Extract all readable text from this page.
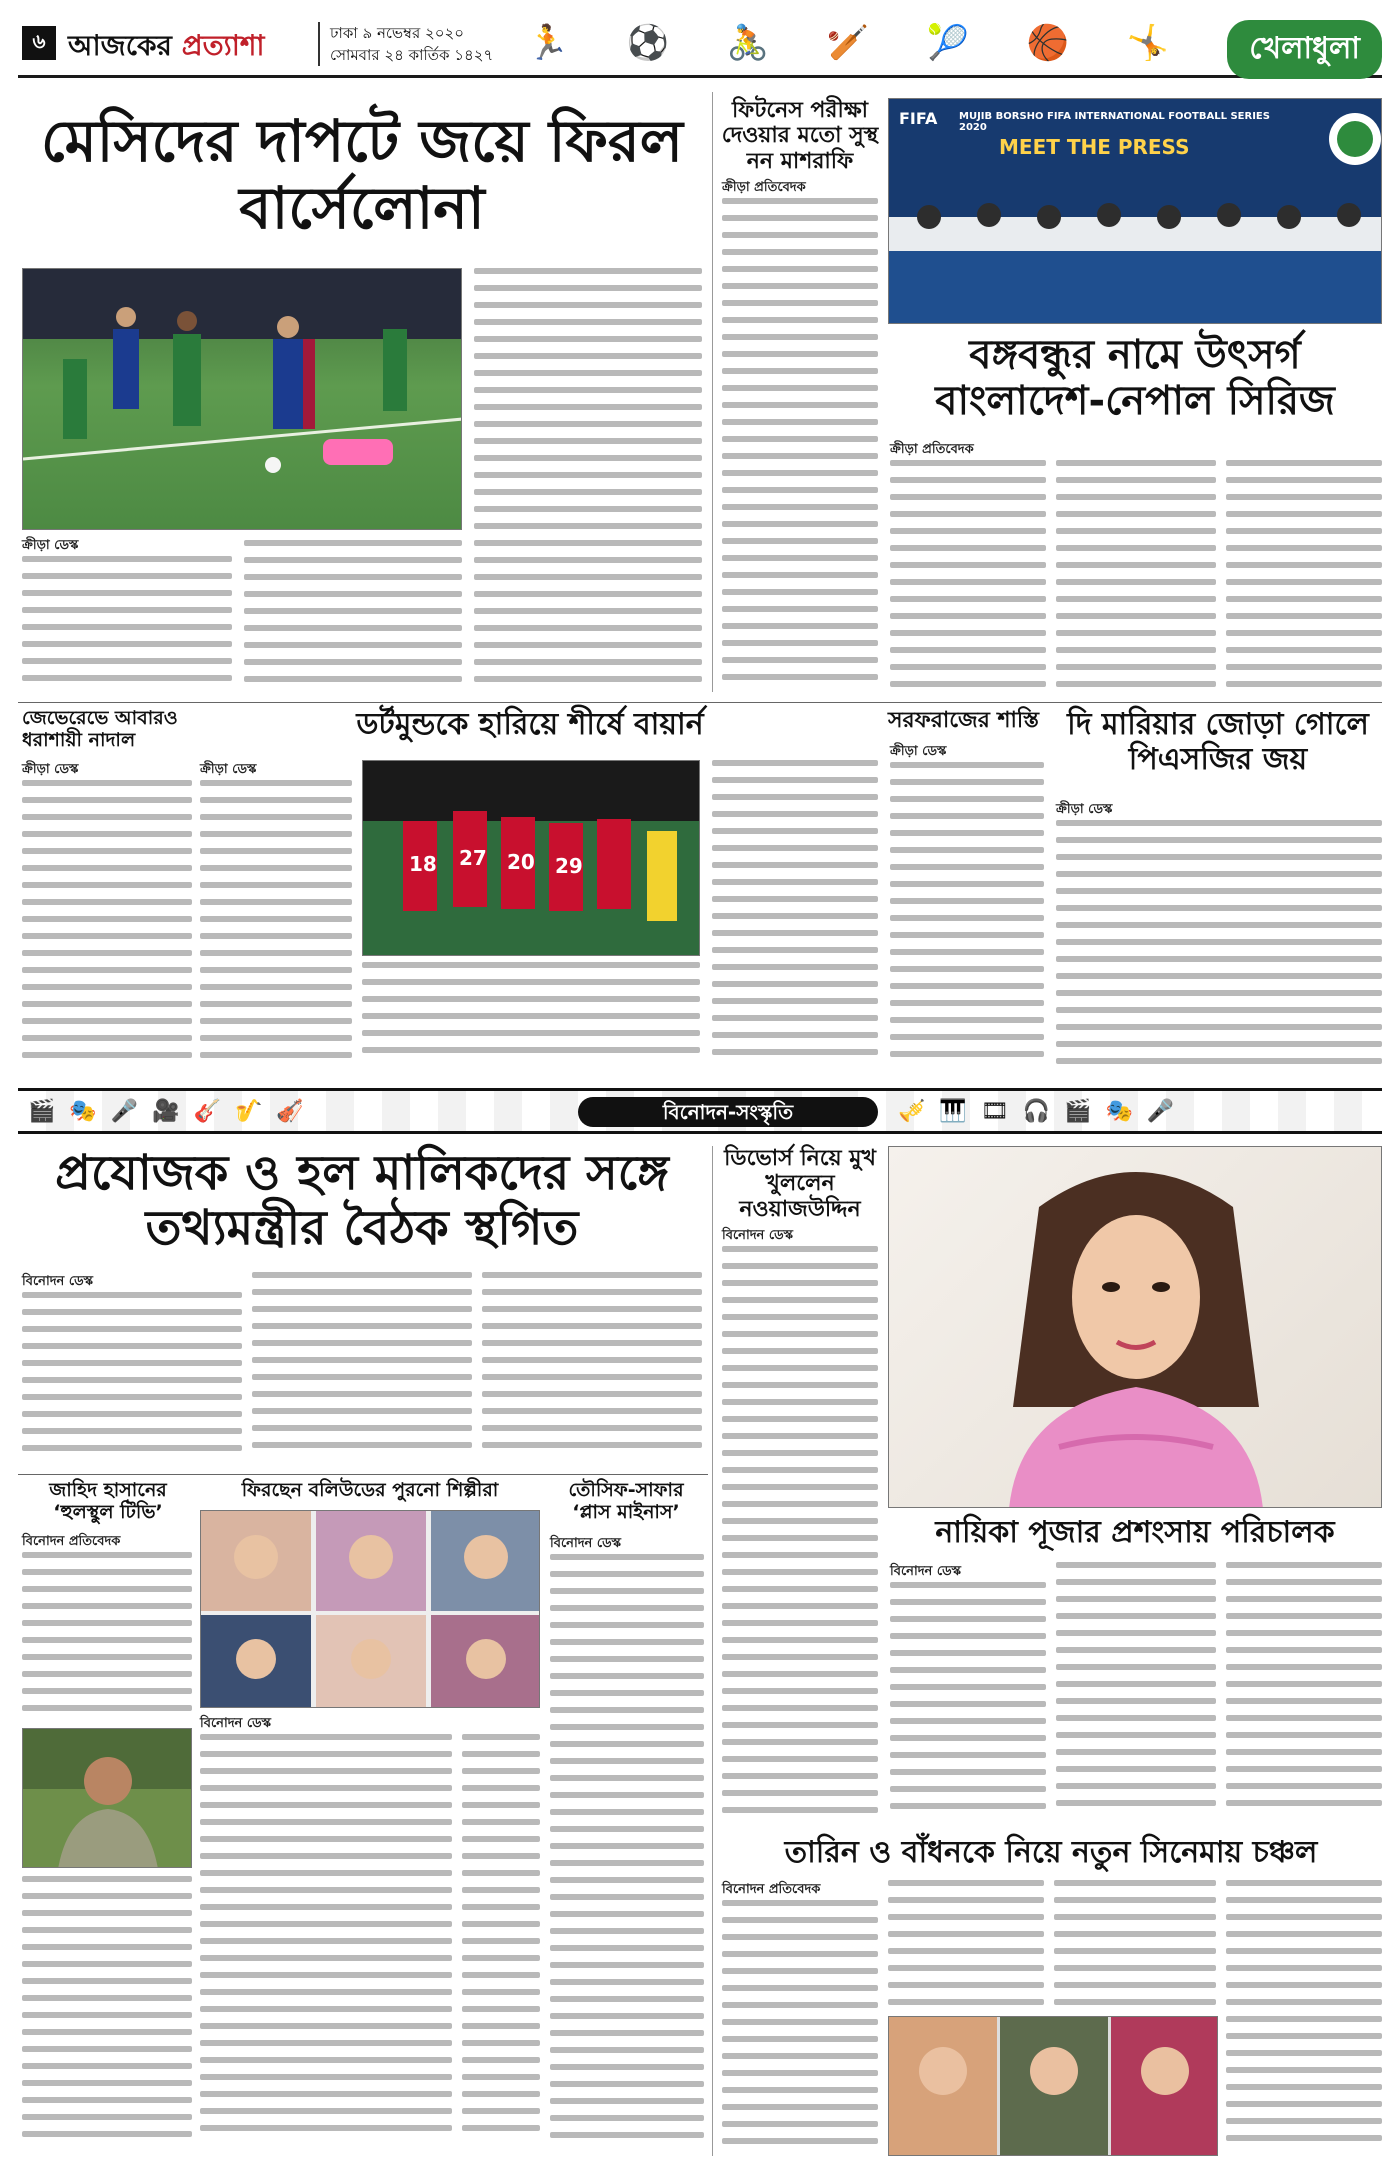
৬ আজকের প্রত্যাশা	ঢাকা ৯ নভেম্বর ২০২০
সোমবার ২৪ কার্তিক ১৪২৭ 🏃 ⚽ 🚴 🏏 🎾 🏀 🤸	খেলাধুলা
মেসিদের দাপটে জয়ে ফিরল বার্সেলোনা
ক্রীড়া ডেস্ক
ফিটনেস পরীক্ষা দেওয়ার মতো সুস্থ নন মাশরাফি
ক্রীড়া প্রতিবেদক
FIFA MUJIB BORSHO FIFA INTERNATIONAL FOOTBALL SERIES 2020
MEET THE PRESS
বঙ্গবন্ধুর নামে উৎসর্গ বাংলাদেশ-নেপাল সিরিজ
ক্রীড়া প্রতিবেদক
জেভেরেভে আবারও ধরাশায়ী নাদাল
ক্রীড়া ডেস্ক
ডর্টমুন্ডকে হারিয়ে শীর্ষে বায়ার্ন
ক্রীড়া ডেস্ক
18 27 20 29
সরফরাজের শাস্তি
ক্রীড়া ডেস্ক
দি মারিয়ার জোড়া গোলে পিএসজির জয়
ক্রীড়া ডেস্ক
🎬🎭🎤🎥🎸🎷🎻	বিনোদন-সংস্কৃতি	🎺🎹🎞🎧🎬🎭🎤
প্রযোজক ও হল মালিকদের সঙ্গে তথ্যমন্ত্রীর বৈঠক স্থগিত
বিনোদন ডেস্ক
ডিভোর্স নিয়ে মুখ খুললেন নওয়াজউদ্দিন
বিনোদন ডেস্ক
নায়িকা পূজার প্রশংসায় পরিচালক
বিনোদন ডেস্ক
জাহিদ হাসানের ‘হুলস্থুল টিভি’
বিনোদন প্রতিবেদক
ফিরছেন বলিউডের পুরনো শিল্পীরা
বিনোদন ডেস্ক
তৌসিফ-সাফার ‘প্লাস মাইনাস’
বিনোদন ডেস্ক
তারিন ও বাঁধনকে নিয়ে নতুন সিনেমায় চঞ্চল
বিনোদন প্রতিবেদক
